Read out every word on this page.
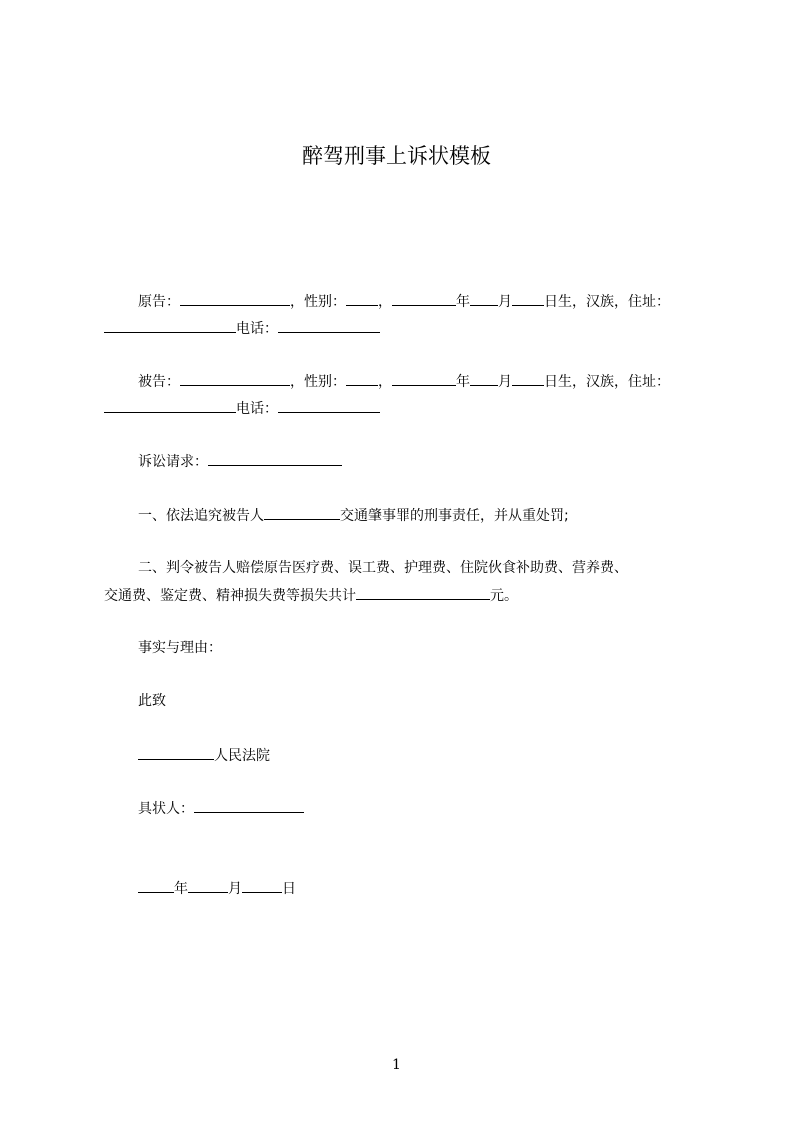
醉驾刑事上诉状模板
原告：	，性别： ，	年 月 日生，汉族，住址：
电话：
被告：	，性别： ，	年 月 日生，汉族，住址：
电话：
诉讼请求：
一、依法追究被告人	交通肇事罪的刑事责任，并从重处罚;
二、判令被告人赔偿原告医疗费、误工费、护理费、住院伙食补助费、营养费、
交通费、鉴定费、精神损失费等损失共计	元。
事实与理由：
此致
人民法院
具状人：
年	月	日
1
